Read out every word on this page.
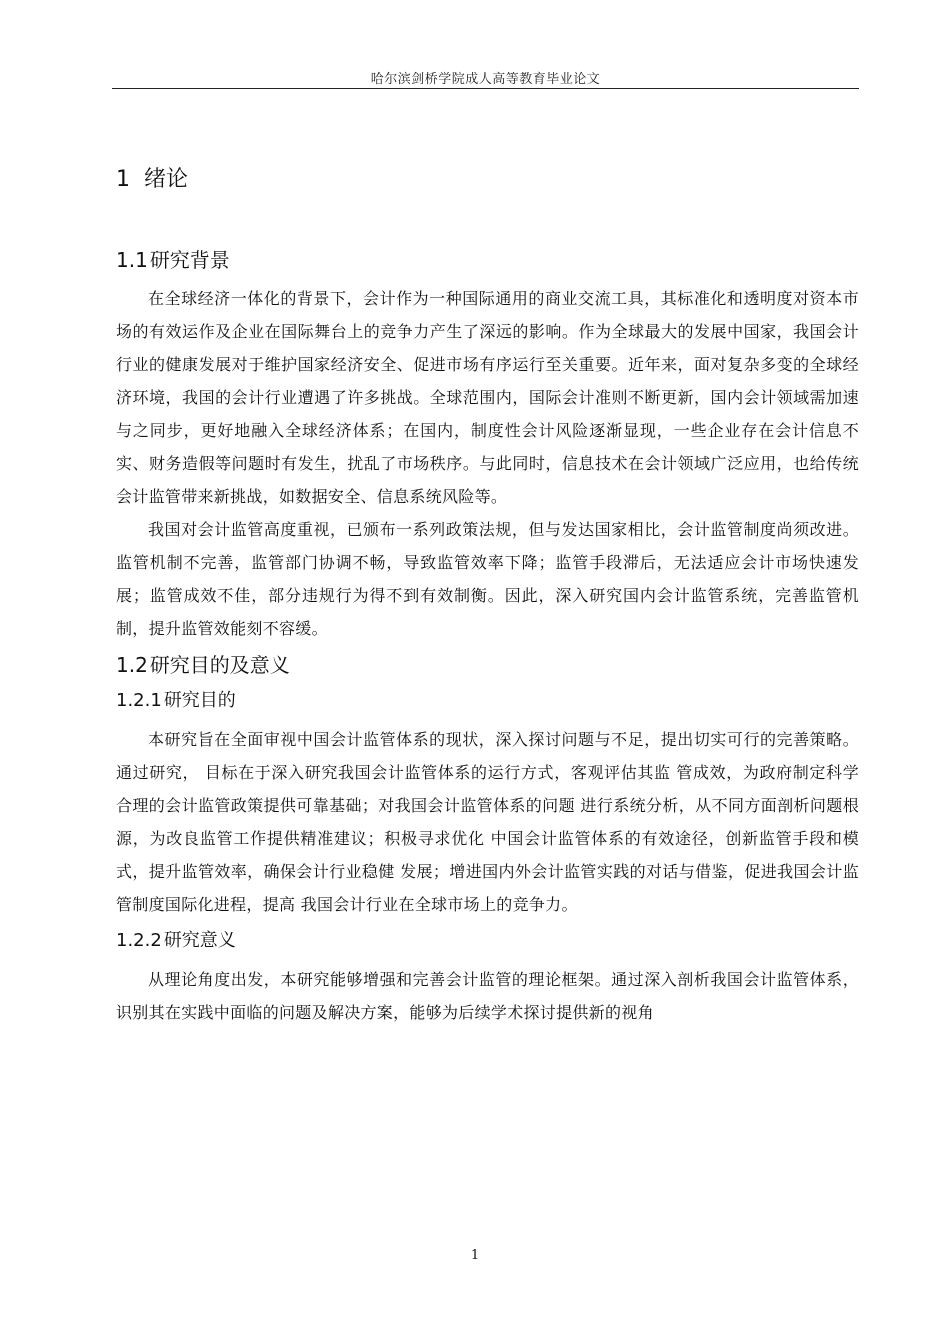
哈尔滨剑桥学院成人高等教育毕业论文
1 绪论
1.1 研究背景

在全球经济一体化的背景下，会计作为一种国际通用的商业交流工具，其标准化和透明度对资本市场的有效运作及企业在国际舞台上的竞争力产生了深远的影响。作为全球最大的发展中国家，我国会计行业的健康发展对于维护国家经济安全、促进市场有序运行至关重要。近年来，面对复杂多变的全球经济环境，我国的会计行业遭遇了许多挑战。全球范围内，国际会计准则不断更新，国内会计领域需加速与之同步，更好地融入全球经济体系；在国内，制度性会计风险逐渐显现，一些企业存在会计信息不实、财务造假等问题时有发生，扰乱了市场秩序。与此同时，信息技术在会计领域广泛应用，也给传统会计监管带来新挑战，如数据安全、信息系统风险等。

我国对会计监管高度重视，已颁布一系列政策法规，但与发达国家相比，会计监管制度尚须改进。监管机制不完善，监管部门协调不畅，导致监管效率下降；监管手段滞后，无法适应会计市场快速发展；监管成效不佳，部分违规行为得不到有效制衡。因此，深入研究国内会计监管系统，完善监管机制，提升监管效能刻不容缓。

1.2 研究目的及意义
1.2.1 研究目的

本研究旨在全面审视中国会计监管体系的现状，深入探讨问题与不足，提出切实可行的完善策略。通过研究， 目标在于深入研究我国会计监管体系的运行方式，客观评估其监 管成效，为政府制定科学合理的会计监管政策提供可靠基础；对我国会计监管体系的问题 进行系统分析，从不同方面剖析问题根源，为改良监管工作提供精准建议；积极寻求优化 中国会计监管体系的有效途径，创新监管手段和模式，提升监管效率，确保会计行业稳健 发展；增进国内外会计监管实践的对话与借鉴，促进我国会计监管制度国际化进程，提高 我国会计行业在全球市场上的竞争力。

1.2.2 研究意义

从理论角度出发，本研究能够增强和完善会计监管的理论框架。通过深入剖析我国会计监管体系，识别其在实践中面临的问题及解决方案，能够为后续学术探讨提供新的视角

1
